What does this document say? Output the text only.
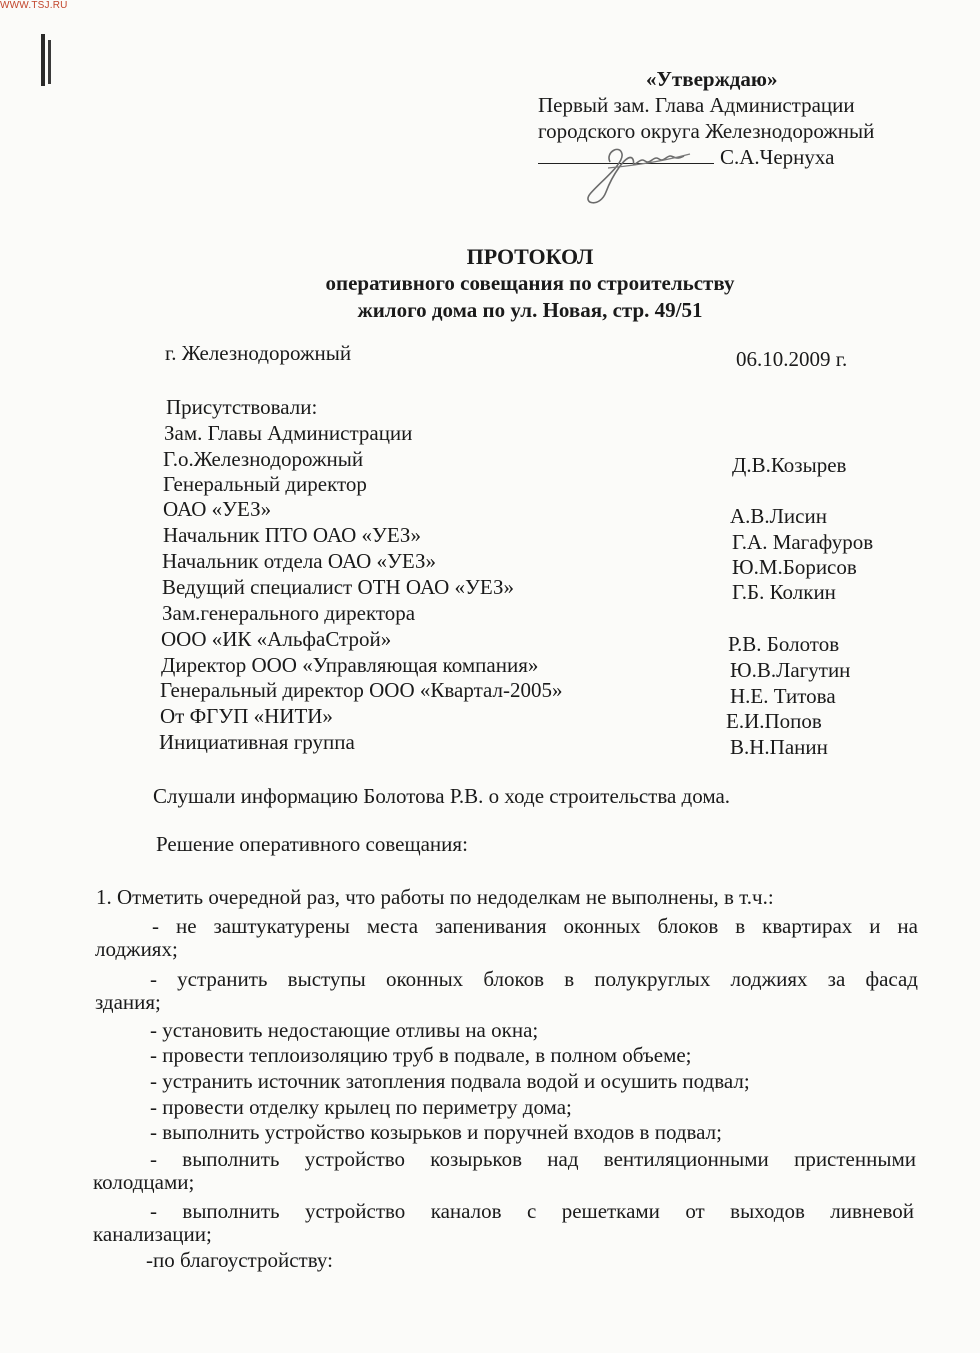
WWW.TSJ.RU
«Утверждаю»
Первый зам. Глава Администрации
городского округа Железнодорожный
С.А.Чернуха
ПРОТОКОЛ
оперативного совещания по строительству
жилого дома по ул. Новая, стр. 49/51
г. Железнодорожный	06.10.2009 г.
Присутствовали:
Зам. Главы Администрации
Г.о.Железнодорожный
Генеральный директор
ОАО «УЕЗ»
Начальник ПТО ОАО «УЕЗ»
Начальник отдела ОАО «УЕЗ»
Ведущий специалист ОТН ОАО «УЕЗ»
Зам.генерального директора
ООО «ИК «АльфаСтрой»
Директор ООО «Управляющая компания»
Генеральный директор ООО «Квартал-2005»
От ФГУП «НИТИ»
Инициативная группа
Д.В.Козырев
А.В.Лисин
Г.А. Магафуров
Ю.М.Борисов
Г.Б. Колкин
Р.В. Болотов
Ю.В.Лагутин
Н.Е. Титова
Е.И.Попов
В.Н.Панин
Слушали информацию Болотова Р.В. о ходе строительства дома.
Решение оперативного совещания:
1. Отметить очередной раз, что работы по недоделкам не выполнены, в т.ч.:
- не заштукатурены места запенивания оконных блоков в квартирах и на
лоджиях;
- устранить выступы оконных блоков в полукруглых лоджиях за фасад
здания;
- установить недостающие отливы на окна;
- провести теплоизоляцию труб в подвале, в полном объеме;
- устранить источник затопления подвала водой и осушить подвал;
- провести отделку крылец по периметру дома;
- выполнить устройство козырьков и поручней входов в подвал;
- выполнить устройство козырьков над вентиляционными пристенными
колодцами;
- выполнить устройство каналов с решетками от выходов ливневой
канализации;
-по благоустройству:
